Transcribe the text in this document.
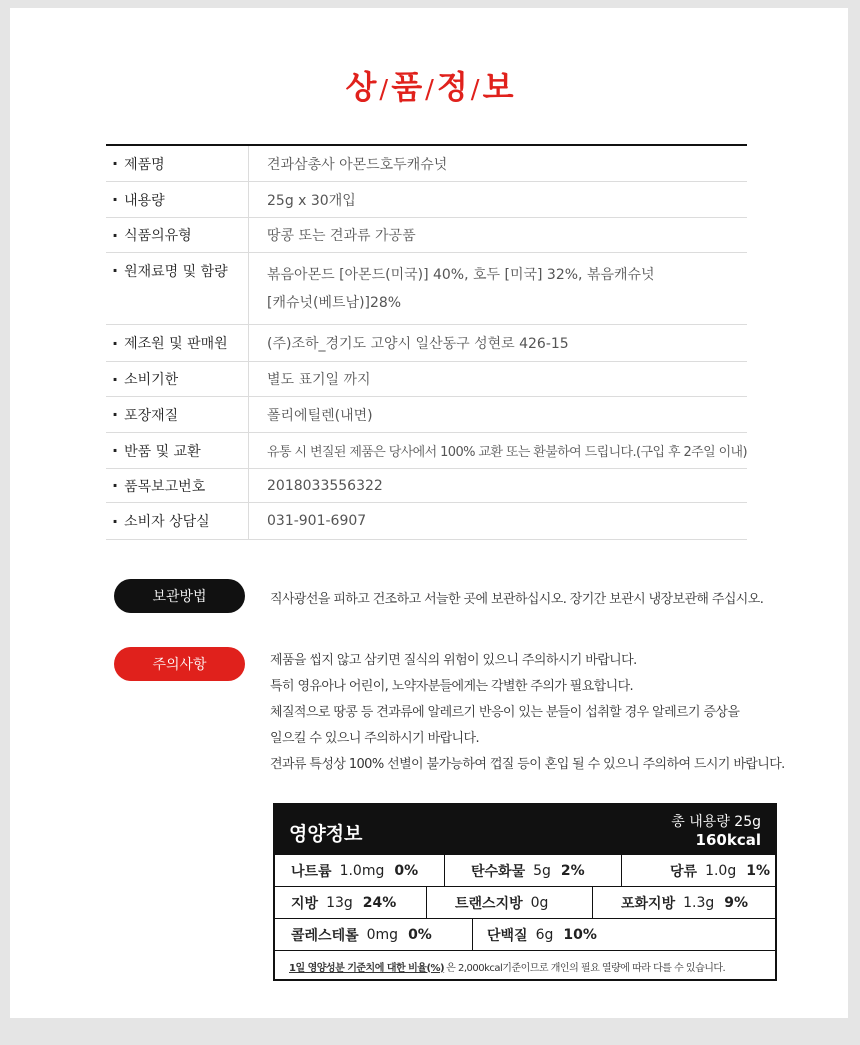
상/품/정/보
· 제품명	견과삼총사 아몬드호두캐슈넛
· 내용량	25g x 30개입
· 식품의유형	땅콩 또는 견과류 가공품
· 원재료명 및 함량	볶음아몬드 [아몬드(미국)] 40%, 호두 [미국] 32%, 볶음캐슈넛
[캐슈넛(베트남)]28%
· 제조원 및 판매원	(주)조하_경기도 고양시 일산동구 성현로 426-15
· 소비기한	별도 표기일 까지
· 포장재질	폴리에틸렌(내면)
· 반품 및 교환	유통 시 변질된 제품은 당사에서 100% 교환 또는 환불하여 드립니다.(구입 후 2주일 이내)
· 품목보고번호	2018033556322
· 소비자 상담실	031-901-6907
보관방법	직사광선을 피하고 건조하고 서늘한 곳에 보관하십시오. 장기간 보관시 냉장보관해 주십시오.
주의사항	제품을 씹지 않고 삼키면 질식의 위험이 있으니 주의하시기 바랍니다.
특히 영유아나 어린이, 노약자분들에게는 각별한 주의가 필요합니다.
체질적으로 땅콩 등 견과류에 알레르기 반응이 있는 분들이 섭취할 경우 알레르기 증상을
일으킬 수 있으니 주의하시기 바랍니다.
견과류 특성상 100% 선별이 불가능하여 껍질 등이 혼입 될 수 있으니 주의하여 드시기 바랍니다.
영양정보
총 내용량 25g
160kcal
나트륨 1.0mg 0%	탄수화물 5g 2%	당류 1.0g 1%
지방 13g 24%	트랜스지방 0g	포화지방 1.3g 9%
콜레스테롤 0mg 0%	단백질 6g 10%
1일 영양성분 기준치에 대한 비율(%) 은 2,000kcal기준이므로 개인의 필요 열량에 따라 다를 수 있습니다.
